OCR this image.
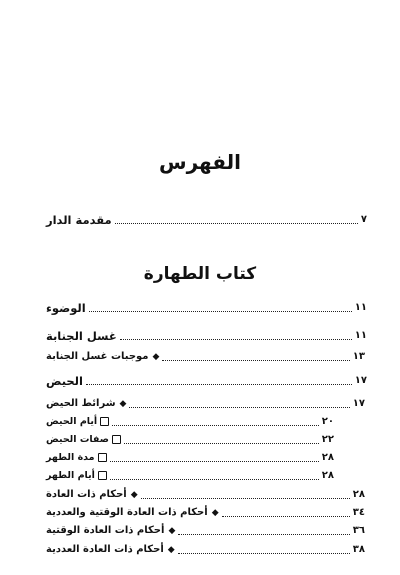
الفهرس
مقدمة الدار	٧
كتاب الطهارة
الوضوء	١١
غسل الجنابة	١١
◆موجبات غسل الجنابة	١٣
الحيض	١٧
◆شرائط الحيض	١٧
أيام الحيض	٢٠
صفات الحيض	٢٢
مدة الطهر	٢٨
أيام الطهر	٢٨
◆أحكام ذات العادة	٢٨
◆أحكام ذات العادة الوقتية والعددية	٣٤
◆أحكام ذات العادة الوقتية	٣٦
◆أحكام ذات العادة العددية	٣٨
